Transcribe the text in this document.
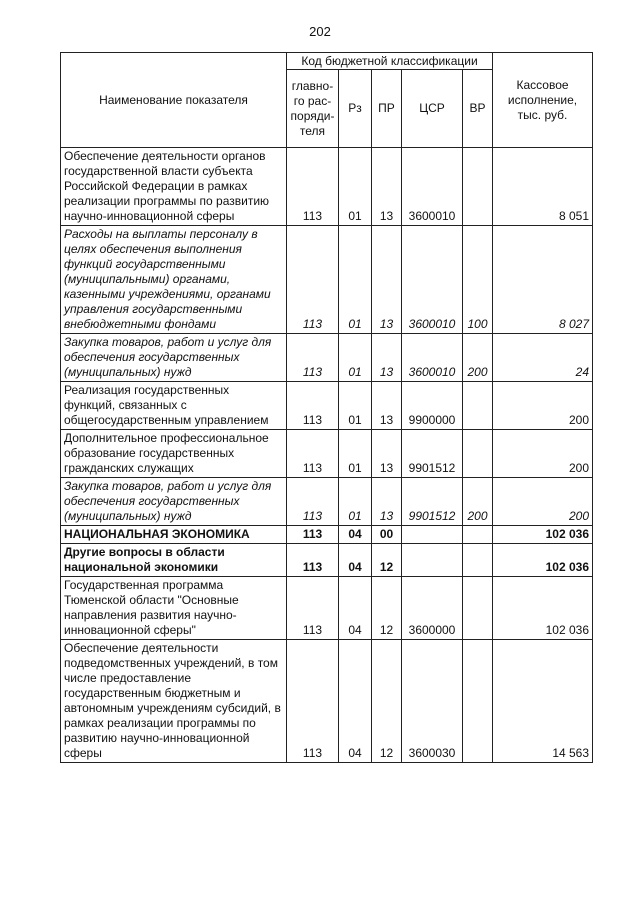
202
Наименование показателя	Код бюджетной классификации					Кассовое исполнение, тыс. руб.
	главно-го рас-поряди-теля	Рз	ПР	ЦСР	ВР	
Обеспечение деятельности органов государственной власти субъекта Российской Федерации в рамках реализации программы по развитию научно-инновационной сферы	113	01	13	3600010		8 051
Расходы на выплаты персоналу в целях обеспечения выполнения функций государственными (муниципальными) органами, казенными учреждениями, органами управления государственными внебюджетными фондами	113	01	13	3600010	100	8 027
Закупка товаров, работ и услуг для обеспечения государственных (муниципальных) нужд	113	01	13	3600010	200	24
Реализация государственных функций, связанных с общегосударственным управлением	113	01	13	9900000		200
Дополнительное профессиональное образование государственных гражданских служащих	113	01	13	9901512		200
Закупка товаров, работ и услуг для обеспечения государственных (муниципальных) нужд	113	01	13	9901512	200	200
НАЦИОНАЛЬНАЯ ЭКОНОМИКА	113	04	00			102 036
Другие вопросы в области национальной экономики	113	04	12			102 036
Государственная программа Тюменской области "Основные направления развития научно-инновационной сферы"	113	04	12	3600000		102 036
Обеспечение деятельности подведомственных учреждений, в том числе предоставление государственным бюджетным и автономным учреждениям субсидий, в рамках реализации программы по развитию научно-инновационной сферы	113	04	12	3600030		14 563
